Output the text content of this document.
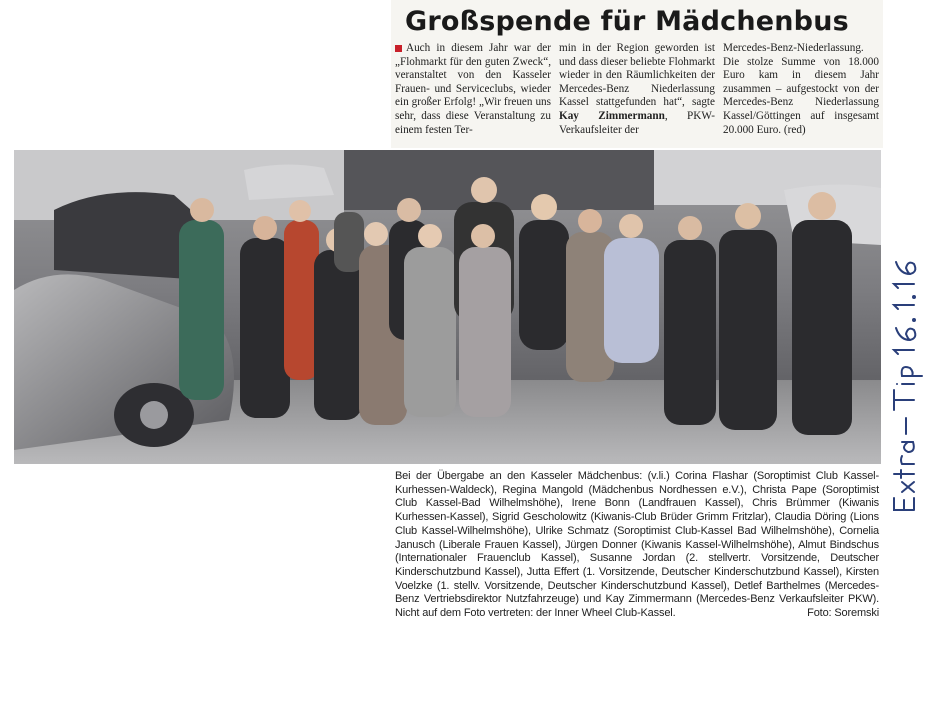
Großspende für Mädchenbus
Auch in diesem Jahr war der „Flohmarkt für den guten Zweck“, veranstaltet von den Kasseler Frauen- und Serviceclubs, wieder ein großer Erfolg! „Wir freuen uns sehr, dass diese Veranstaltung zu einem festen Ter-
min in der Region geworden ist und dass dieser beliebte Flohmarkt wieder in den Räumlichkeiten der Mercedes-Benz Niederlassung Kassel stattgefunden hat“, sagte Kay Zimmermann, PKW-Verkaufsleiter der
Mercedes-Benz-Niederlassung. Die stolze Summe von 18.000 Euro kam in diesem Jahr zusammen – aufgestockt von der Mercedes-Benz Niederlassung Kassel/Göttingen auf insgesamt 20.000 Euro. (red)
Bei der Übergabe an den Kasseler Mädchenbus: (v.li.) Corina Flashar (Soroptimist Club Kassel-Kurhessen-Waldeck), Regina Mangold (Mädchenbus Nordhessen e.V.), Christa Pape (Soroptimist Club Kassel-Bad Wilhelmshöhe), Irene Bonn (Landfrauen Kassel), Chris Brümmer (Kiwanis Kurhessen-Kassel), Sigrid Gescholowitz (Kiwanis-Club Brüder Grimm Fritzlar), Claudia Döring (Lions Club Kassel-Wilhelmshöhe), Ulrike Schmatz (Soroptimist Club-Kassel Bad Wilhelmshöhe), Cornelia Janusch (Liberale Frauen Kassel), Jürgen Donner (Kiwanis Kassel-Wilhelmshöhe), Almut Bindschus (Internationaler Frauenclub Kassel), Susanne Jordan (2. stellvertr. Vorsitzende, Deutscher Kinderschutzbund Kassel), Jutta Effert (1. Vorsitzende, Deutscher Kinderschutzbund Kassel), Kirsten Voelzke (1. stellv. Vorsitzende, Deutscher Kinderschutzbund Kassel), Detlef Barthelmes (Mercedes-Benz Vertriebsdirektor Nutzfahrzeuge) und Kay Zimmermann (Mercedes-Benz Verkaufsleiter PKW). Nicht auf dem Foto vertreten: der Inner Wheel Club-Kassel.	Foto: Soremski
